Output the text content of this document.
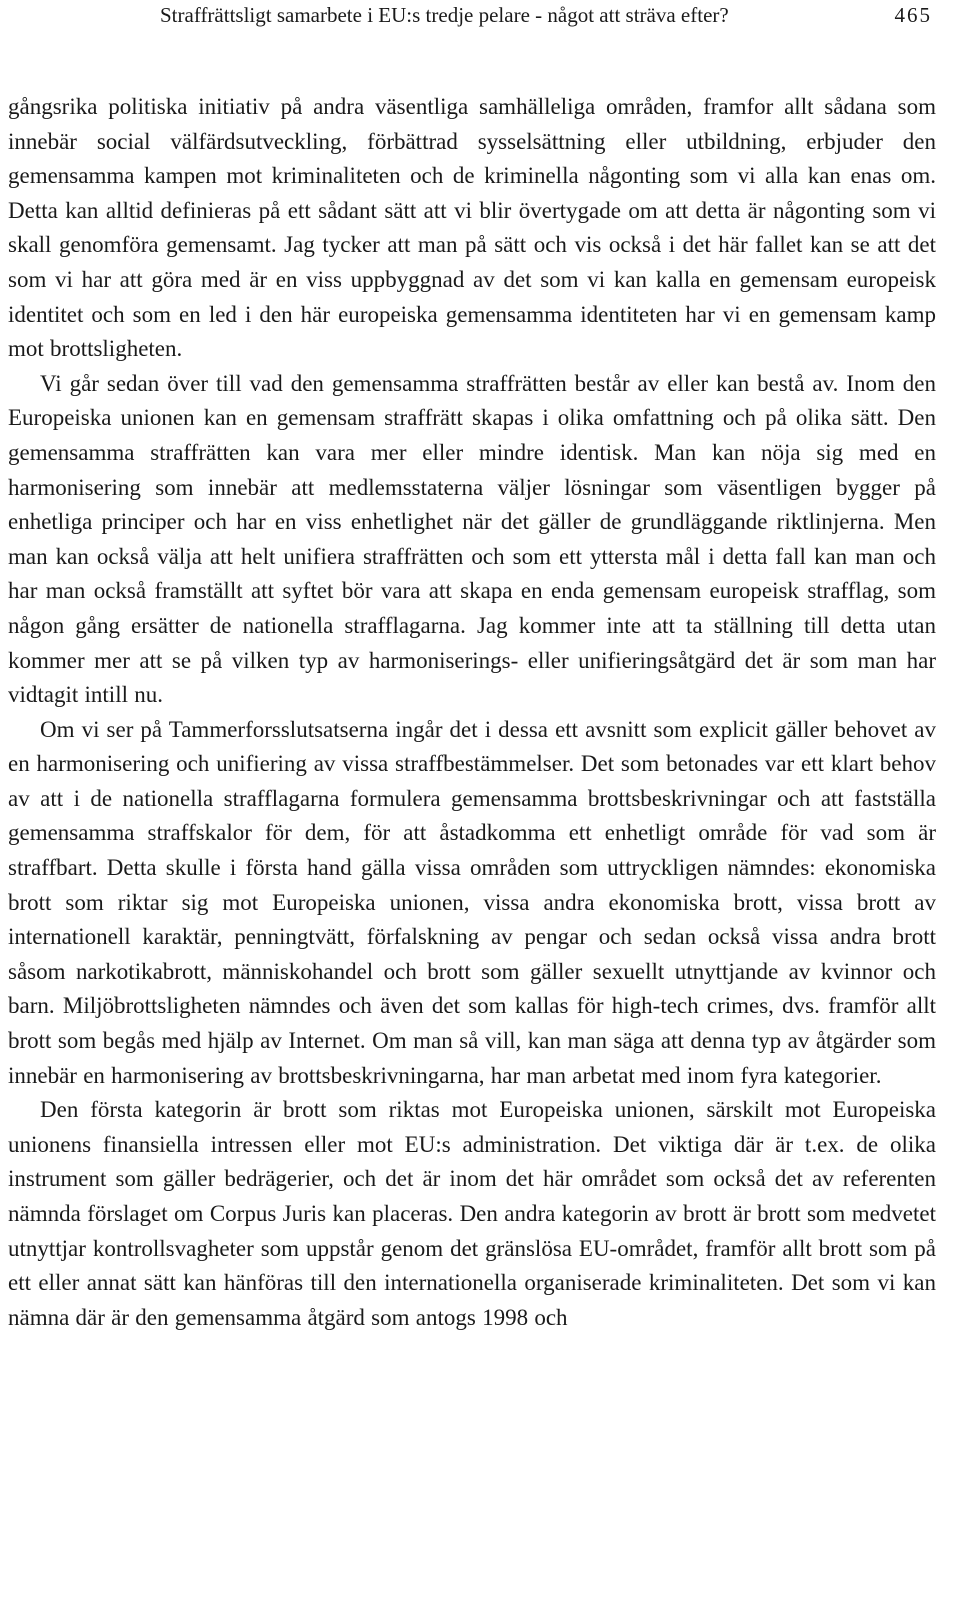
Straffrättsligt samarbete i EU:s tredje pelare - något att sträva efter?	465

gångsrika politiska initiativ på andra väsentliga samhälleliga områden, framfor allt sådana som innebär social välfärdsutveckling, förbättrad sysselsättning eller utbildning, erbjuder den gemensamma kampen mot kriminaliteten och de kriminella någonting som vi alla kan enas om. Detta kan alltid definieras på ett sådant sätt att vi blir övertygade om att detta är någonting som vi skall genomföra gemensamt. Jag tycker att man på sätt och vis också i det här fallet kan se att det som vi har att göra med är en viss uppbyggnad av det som vi kan kalla en gemensam europeisk identitet och som en led i den här europeiska gemensamma identiteten har vi en gemensam kamp mot brottsligheten.

Vi går sedan över till vad den gemensamma straffrätten består av eller kan bestå av. Inom den Europeiska unionen kan en gemensam straffrätt skapas i olika omfattning och på olika sätt. Den gemensamma straffrätten kan vara mer eller mindre identisk. Man kan nöja sig med en harmonisering som innebär att medlemsstaterna väljer lösningar som väsentligen bygger på enhetliga principer och har en viss enhetlighet när det gäller de grundläggande riktlinjerna. Men man kan också välja att helt unifiera straffrätten och som ett yttersta mål i detta fall kan man och har man också framställt att syftet bör vara att skapa en enda gemensam europeisk strafflag, som någon gång ersätter de nationella strafflagarna. Jag kommer inte att ta ställning till detta utan kommer mer att se på vilken typ av harmoniserings- eller unifieringsåtgärd det är som man har vidtagit intill nu.

Om vi ser på Tammerforsslutsatserna ingår det i dessa ett avsnitt som explicit gäller behovet av en harmonisering och unifiering av vissa straffbestämmelser. Det som betonades var ett klart behov av att i de nationella strafflagarna formulera gemensamma brottsbeskrivningar och att fastställa gemensamma straffskalor för dem, för att åstadkomma ett enhetligt område för vad som är straffbart. Detta skulle i första hand gälla vissa områden som uttryckligen nämndes: ekonomiska brott som riktar sig mot Europeiska unionen, vissa andra ekonomiska brott, vissa brott av internationell karaktär, penningtvätt, förfalskning av pengar och sedan också vissa andra brott såsom narkotikabrott, människohandel och brott som gäller sexuellt utnyttjande av kvinnor och barn. Miljöbrottsligheten nämndes och även det som kallas för high-tech crimes, dvs. framför allt brott som begås med hjälp av Internet. Om man så vill, kan man säga att denna typ av åtgärder som innebär en harmonisering av brottsbeskrivningarna, har man arbetat med inom fyra kategorier.

Den första kategorin är brott som riktas mot Europeiska unionen, särskilt mot Europeiska unionens finansiella intressen eller mot EU:s administration. Det viktiga där är t.ex. de olika instrument som gäller bedrägerier, och det är inom det här området som också det av referenten nämnda förslaget om Corpus Juris kan placeras. Den andra kategorin av brott är brott som medvetet utnyttjar kontrollsvagheter som uppstår genom det gränslösa EU-området, framför allt brott som på ett eller annat sätt kan hänföras till den internationella organiserade kriminaliteten. Det som vi kan nämna där är den gemensamma åtgärd som antogs 1998 och
